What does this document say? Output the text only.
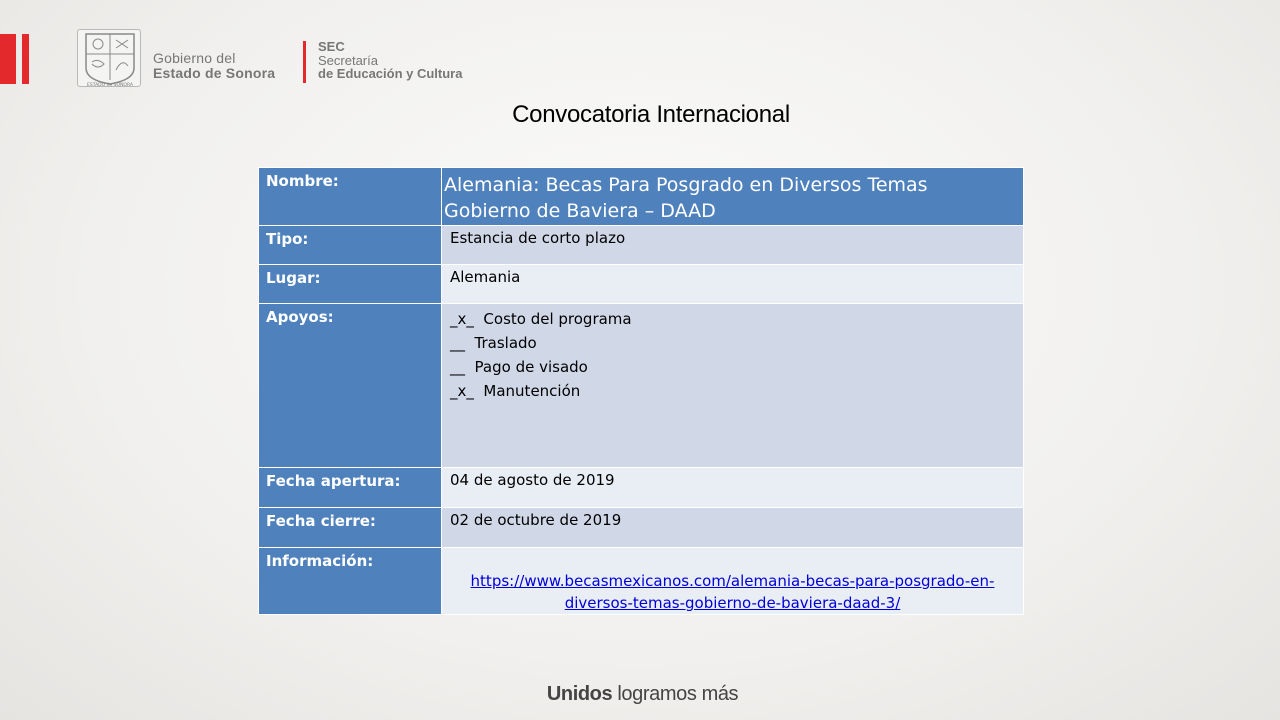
ESTADO de SONORA
Gobierno del
Estado de Sonora
SEC
Secretaría
de Educación y Cultura
Convocatoria Internacional
Nombre:	Alemania: Becas Para Posgrado en Diversos Temas
Gobierno de Baviera – DAAD

Tipo:	Estancia de corto plazo
Lugar:	Alemania
Apoyos:	_x_  Costo del programa
__  Traslado
__  Pago de visado
_x_  Manutención

Fecha apertura:	04 de agosto de 2019
Fecha cierre:	02 de octubre de 2019
Información:	https://www.becasmexicanos.com/alemania-becas-para-posgrado-en-
diversos-temas-gobierno-de-baviera-daad-3/
Unidos logramos más
